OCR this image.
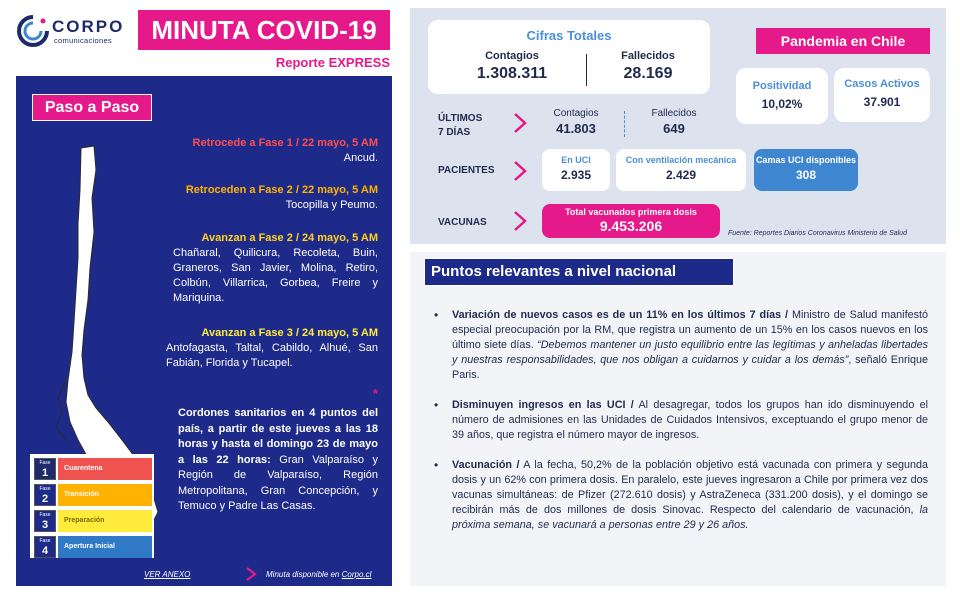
CORPO
comunicaciones	MINUTA COVID-19
Reporte EXPRESS
Paso a Paso
Retrocede a Fase 1 / 22 mayo, 5 AM
Ancud.
Retroceden a Fase 2 / 22 mayo, 5 AM
Tocopilla y Peumo.
Avanzan a Fase 2 / 24 mayo, 5 AM
Chañaral, Quilicura, Recoleta, Buin, Graneros, San Javier, Molina, Retiro, Colbún, Villarrica, Gorbea, Freire y Mariquina.
Avanzan a Fase 3 / 24 mayo, 5 AM
Antofagasta, Taltal, Cabildo, Alhué, San Fabián, Florida y Tucapel.
*
Cordones sanitarios en 4 puntos del país, a partir de este jueves a las 18 horas y hasta el domingo 23 de mayo a las 22 horas: Gran Valparaíso y Región de Valparaíso, Región Metropolitana, Gran Concepción, y Temuco y Padre Las Casas.
Fase
1	Cuarentena
Fase
2	Transición
Fase
3	Preparación
Fase
4	Apertura Inicial
VER ANEXO	Minuta disponible en Corpo.cl
Cifras Totales
Contagios
1.308.311
Fallecidos
28.169
Pandemia en Chile
Positividad
10,02%
Casos Activos
37.901
ÚLTIMOS
7 DÍAS
Contagios
41.803
Fallecidos
649
PACIENTES
En UCI
2.935
Con ventilación mecánica
2.429
Camas UCI disponibles
308
VACUNAS
Total vacunados primera dosis
9.453.206	Fuente: Reportes Diarios Coronavirus Ministerio de Salud
Puntos relevantes a nivel nacional
• Variación de nuevos casos es de un 11% en los últimos 7 días / Ministro de Salud manifestó especial preocupación por la RM, que registra un aumento de un 15% en los casos nuevos en los último siete días. “Debemos mantener un justo equilibrio entre las legítimas y anheladas libertades y nuestras responsabilidades, que nos obligan a cuidarnos y cuidar a los demás”, señaló Enrique Paris.
• Disminuyen ingresos en las UCI / Al desagregar, todos los grupos han ido disminuyendo el número de admisiones en las Unidades de Cuidados Intensivos, exceptuando el grupo menor de 39 años, que registra el número mayor de ingresos.
• Vacunación / A la fecha, 50,2% de la población objetivo está vacunada con primera y segunda dosis y un 62% con primera dosis. En paralelo, este jueves ingresaron a Chile por primera vez dos vacunas simultáneas: de Pfizer (272.610 dosis) y AstraZeneca (331.200 dosis), y el domingo se recibirán más de dos millones de dosis Sinovac. Respecto del calendario de vacunación, la próxima semana, se vacunará a personas entre 29 y 26 años.
